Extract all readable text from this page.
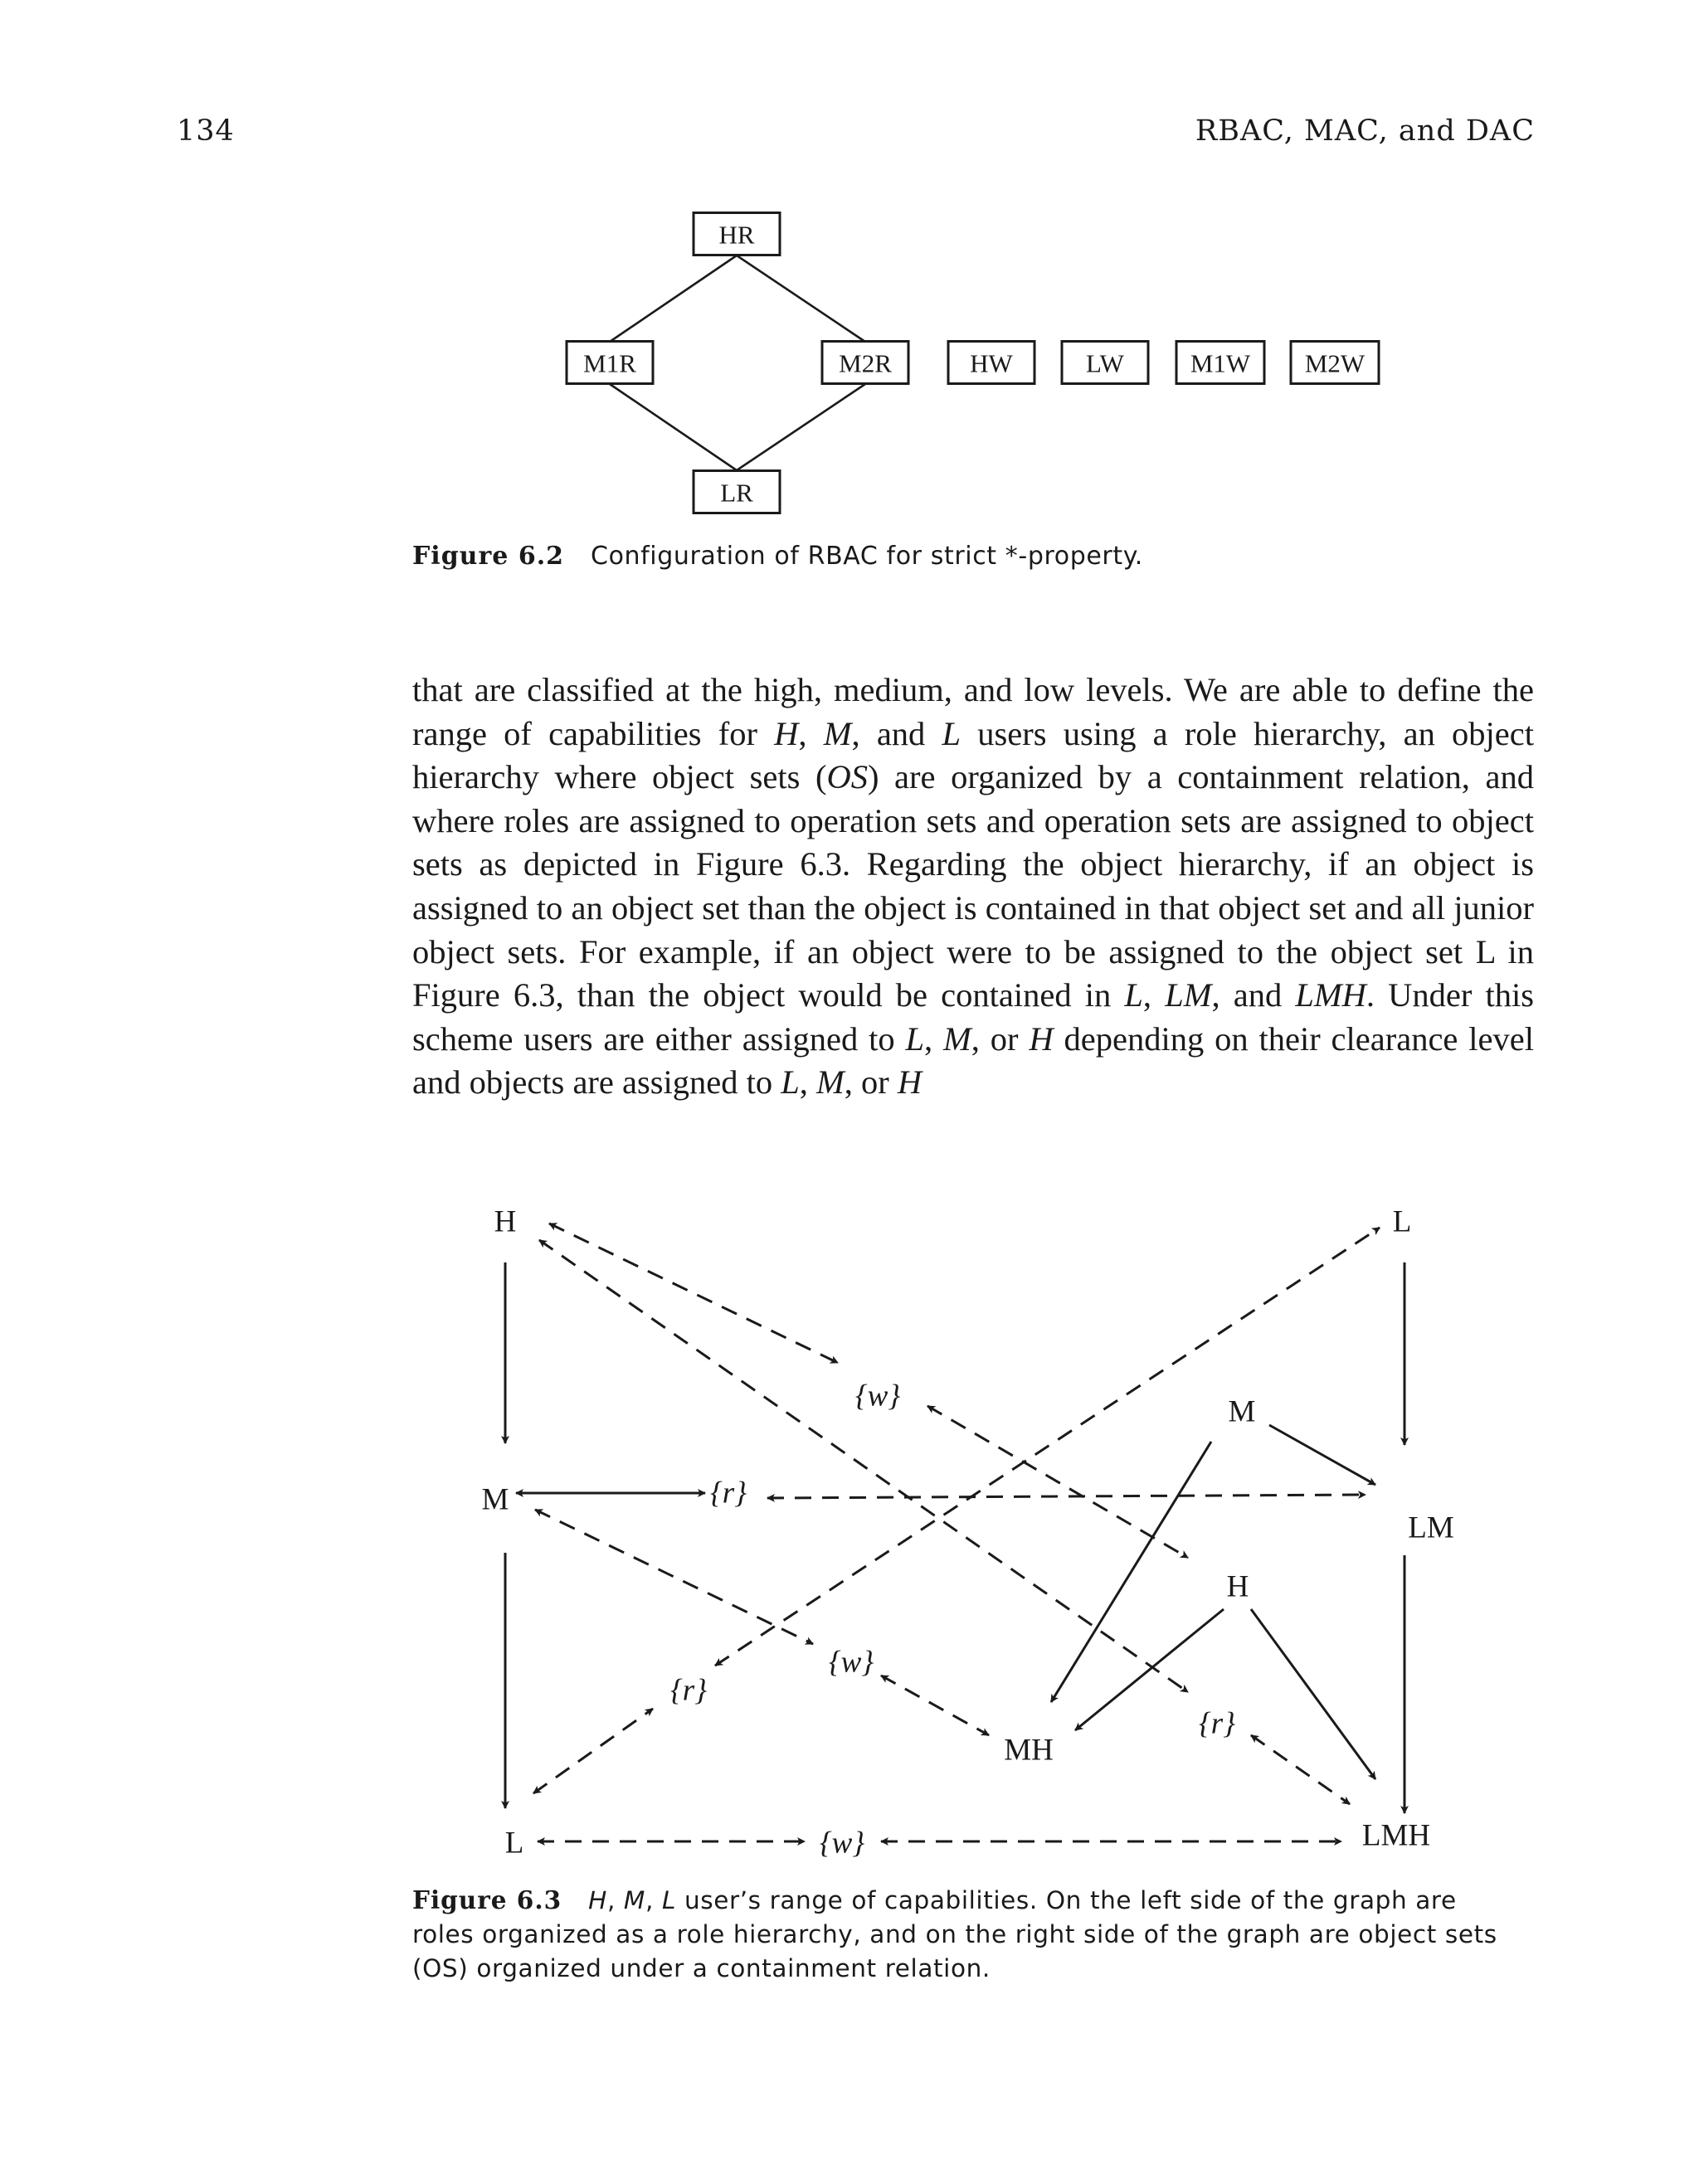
134	RBAC, MAC, and DAC
HR
M1R	M2R
LR
HW	LW	M1W M2W
Figure 6.2 Configuration of RBAC for strict *-property.
that are classified at the high, medium, and low levels. We are able to define the range of capabilities for H, M, and L users using a role hierarchy, an object hierarchy where object sets (OS) are organized by a containment relation, and where roles are assigned to operation sets and operation sets are assigned to object sets as depicted in Figure 6.3. Regarding the object hierarchy, if an object is assigned to an object set than the object is contained in that object set and all junior object sets. For example, if an object were to be assigned to the object set L in Figure 6.3, than the object would be contained in L, LM, and LMH. Under this scheme users are either assigned to L, M, or H depending on their clearance level and objects are assigned to L, M, or H
H
M
L
{w}
{r}
{w}
{r}
{r}
{w}
L
M
LM
H
MH
LMH
Figure 6.3 H, M, L user’s range of capabilities. On the left side of the graph are roles organized as a role hierarchy, and on the right side of the graph are object sets (OS) organized under a containment relation.
